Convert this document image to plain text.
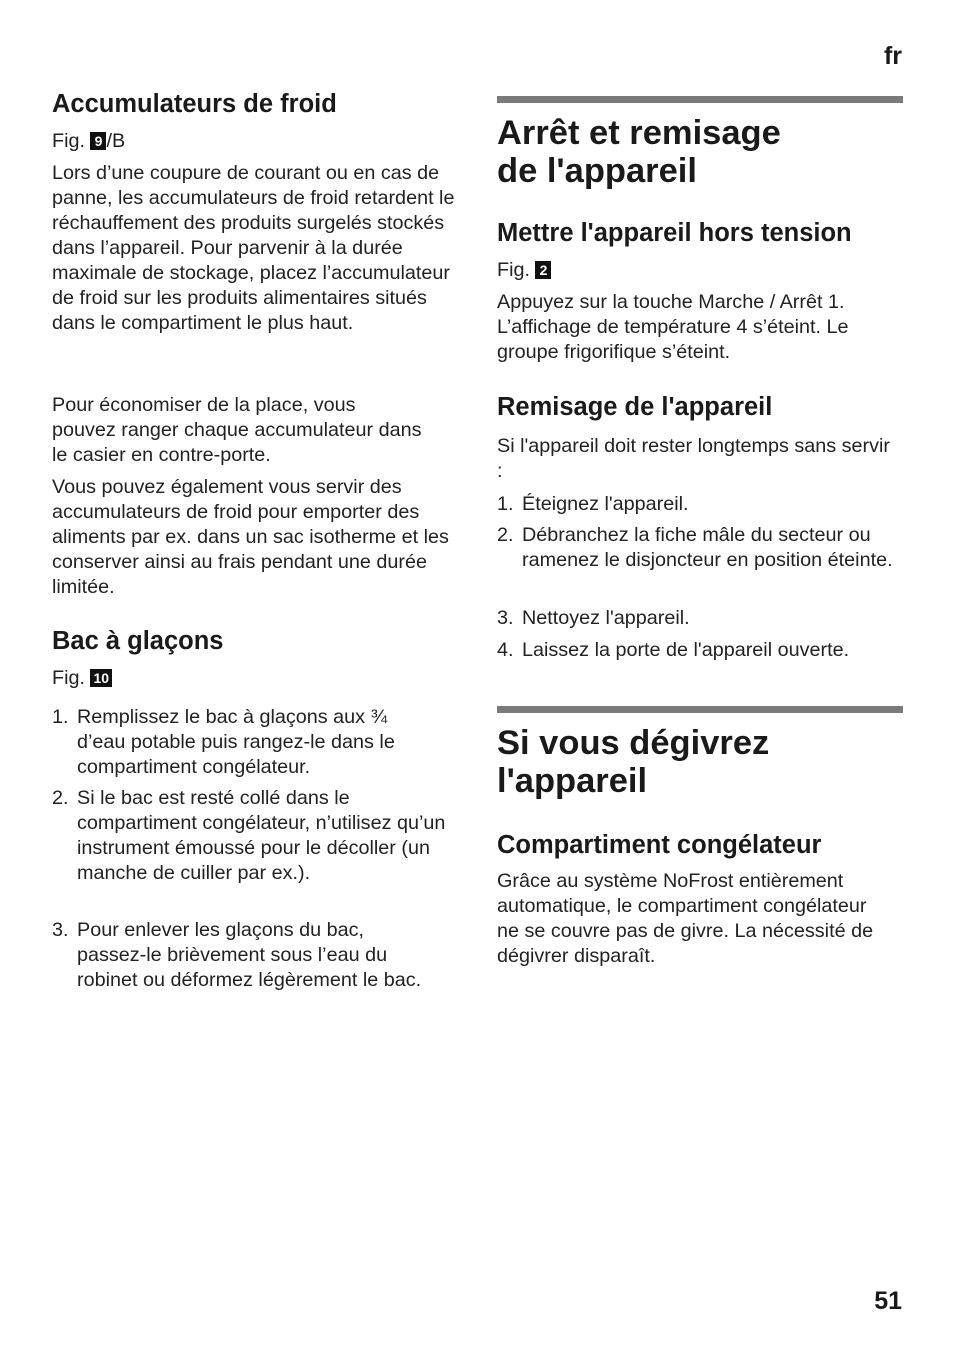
fr
51
Accumulateurs de froid
Fig. 9 /B

Lors d’une coupure de courant ou en cas de panne, les accumulateurs de froid retardent le réchauffement des produits surgelés stockés dans l’appareil. Pour parvenir à la durée maximale de stockage, placez l’accumulateur de froid sur les produits alimentaires situés dans le compartiment le plus haut.

Pour économiser de la place, vous pouvez ranger chaque accumulateur dans le casier en contre-porte.

Vous pouvez également vous servir des accumulateurs de froid pour emporter des aliments par ex. dans un sac isotherme et les conserver ainsi au frais pendant une durée limitée.

Bac à glaçons
Fig. 10
1. Remplissez le bac à glaçons aux ¾ d’eau potable puis rangez-le dans le compartiment congélateur.
2. Si le bac est resté collé dans le compartiment congélateur, n’utilisez qu’un instrument émoussé pour le décoller (un manche de cuiller par ex.).
3. Pour enlever les glaçons du bac, passez-le brièvement sous l’eau du robinet ou déformez légèrement le bac.
Arrêt et remisage
de l'appareil
Mettre l'appareil hors tension
Fig. 2

Appuyez sur la touche Marche / Arrêt 1. L’affichage de température 4 s’éteint. Le groupe frigorifique s’éteint.

Remisage de l'appareil

Si l'appareil doit rester longtemps sans servir :

1. Éteignez l'appareil.
2. Débranchez la fiche mâle du secteur ou ramenez le disjoncteur en position éteinte.
3. Nettoyez l'appareil.
4. Laissez la porte de l'appareil ouverte.
Si vous dégivrez
l'appareil
Compartiment congélateur

Grâce au système NoFrost entièrement automatique, le compartiment congélateur ne se couvre pas de givre. La nécessité de dégivrer disparaît.
